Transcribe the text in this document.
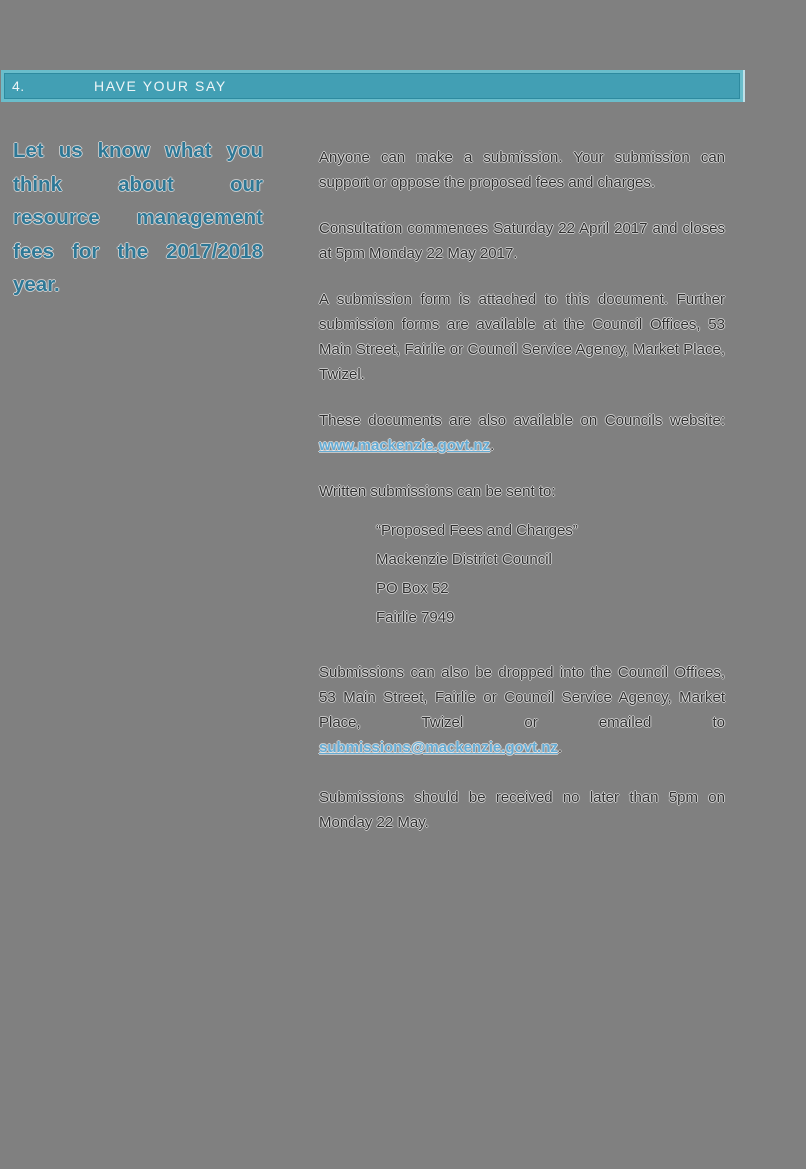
4.	HAVE YOUR SAY
Let us know what you
think about our
resource management
fees for the 2017/2018
year.

Anyone can make a submission. Your submission can support or oppose the proposed fees and charges.

Consultation commences Saturday 22 April 2017 and closes at 5pm Monday 22 May 2017.

A submission form is attached to this document. Further submission forms are available at the Council Offices, 53 Main Street, Fairlie or Council Service Agency, Market Place, Twizel.

These documents are also available on Councils website: www.mackenzie.govt.nz.

Written submissions can be sent to:

“Proposed Fees and Charges”

Mackenzie District Council

PO Box 52

Fairlie 7949

Submissions can also be dropped into the Council Offices, 53 Main Street, Fairlie or Council Service Agency, Market Place, Twizel or emailed to submissions@mackenzie.govt.nz.

Submissions should be received no later than 5pm on Monday 22 May.
